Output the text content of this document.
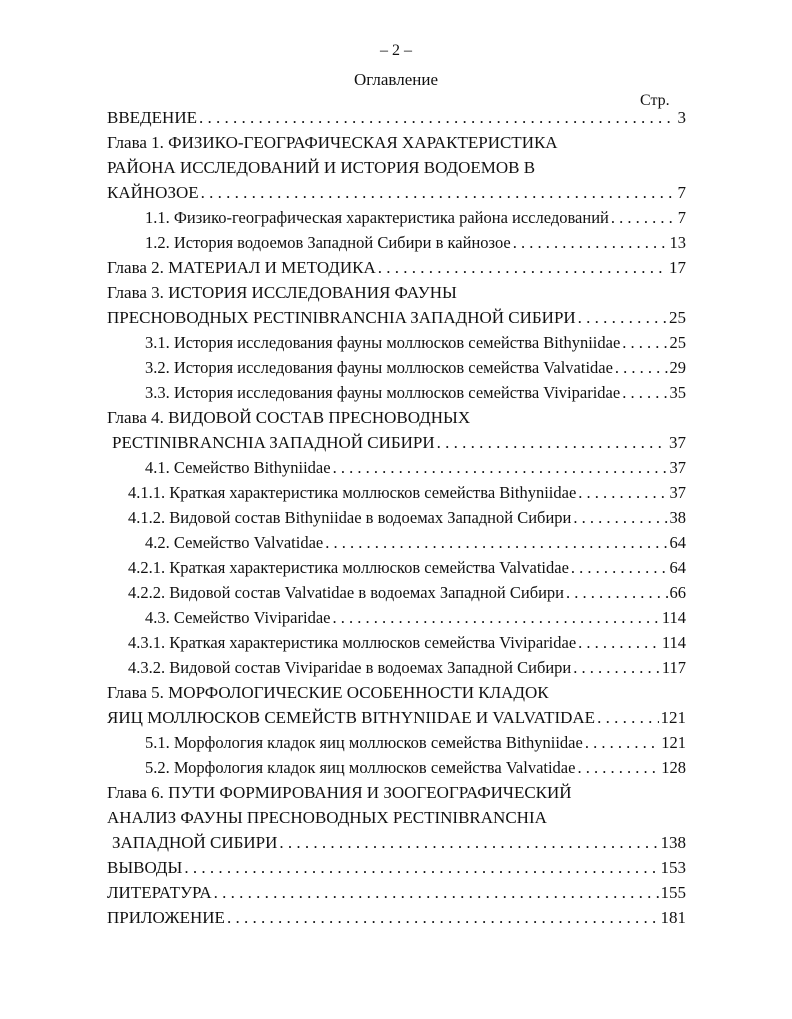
– 2 –
Оглавление
Стр.
ВВЕДЕНИЕ . . .	3
Глава 1. ФИЗИКО-ГЕОГРАФИЧЕСКАЯ ХАРАКТЕРИСТИКА
РАЙОНА ИССЛЕДОВАНИЙ И ИСТОРИЯ ВОДОЕМОВ В
КАЙНОЗОЕ . . .	7
1.1. Физико-географическая характеристика района исследований . . .	7
1.2. История водоемов Западной Сибири в кайнозое . . .	13
Глава 2. МАТЕРИАЛ И МЕТОДИКА . . .	17
Глава 3. ИСТОРИЯ ИССЛЕДОВАНИЯ ФАУНЫ
ПРЕСНОВОДНЫХ PECTINIBRANCHIA ЗАПАДНОЙ СИБИРИ . . .	25
3.1. История исследования фауны моллюсков семейства Bithyniidae . . .	25
3.2. История исследования фауны моллюсков семейства Valvatidae . . .	29
3.3. История исследования фауны моллюсков семейства Viviparidae . . .	35
Глава 4. ВИДОВОЙ СОСТАВ ПРЕСНОВОДНЫХ
PECTINIBRANCHIA ЗАПАДНОЙ СИБИРИ . . .	37
4.1. Семейство Bithyniidae . . .	37
4.1.1. Краткая характеристика моллюсков семейства Bithyniidae . . .	37
4.1.2. Видовой состав Bithyniidae в водоемах Западной Сибири . . .	38
4.2. Семейство Valvatidae . . .	64
4.2.1. Краткая характеристика моллюсков семейства Valvatidae . . .	64
4.2.2. Видовой состав Valvatidae в водоемах Западной Сибири . . .	66
4.3. Семейство Viviparidae . . .	114
4.3.1. Краткая характеристика моллюсков семейства Viviparidae . . .	114
4.3.2. Видовой состав Viviparidae в водоемах Западной Сибири . . .	117
Глава 5. МОРФОЛОГИЧЕСКИЕ ОСОБЕННОСТИ КЛАДОК
ЯИЦ МОЛЛЮСКОВ СЕМЕЙСТВ BITHYNIIDAE И VALVATIDAE . . .	121
5.1. Морфология кладок яиц моллюсков семейства Bithyniidae . . .	121
5.2. Морфология кладок яиц моллюсков семейства Valvatidae . . .	128
Глава 6. ПУТИ ФОРМИРОВАНИЯ И ЗООГЕОГРАФИЧЕСКИЙ
АНАЛИЗ ФАУНЫ ПРЕСНОВОДНЫХ PECTINIBRANCHIA
ЗАПАДНОЙ СИБИРИ . . .	138
ВЫВОДЫ . . .	153
ЛИТЕРАТУРА . . .	155
ПРИЛОЖЕНИЕ . . .	181
